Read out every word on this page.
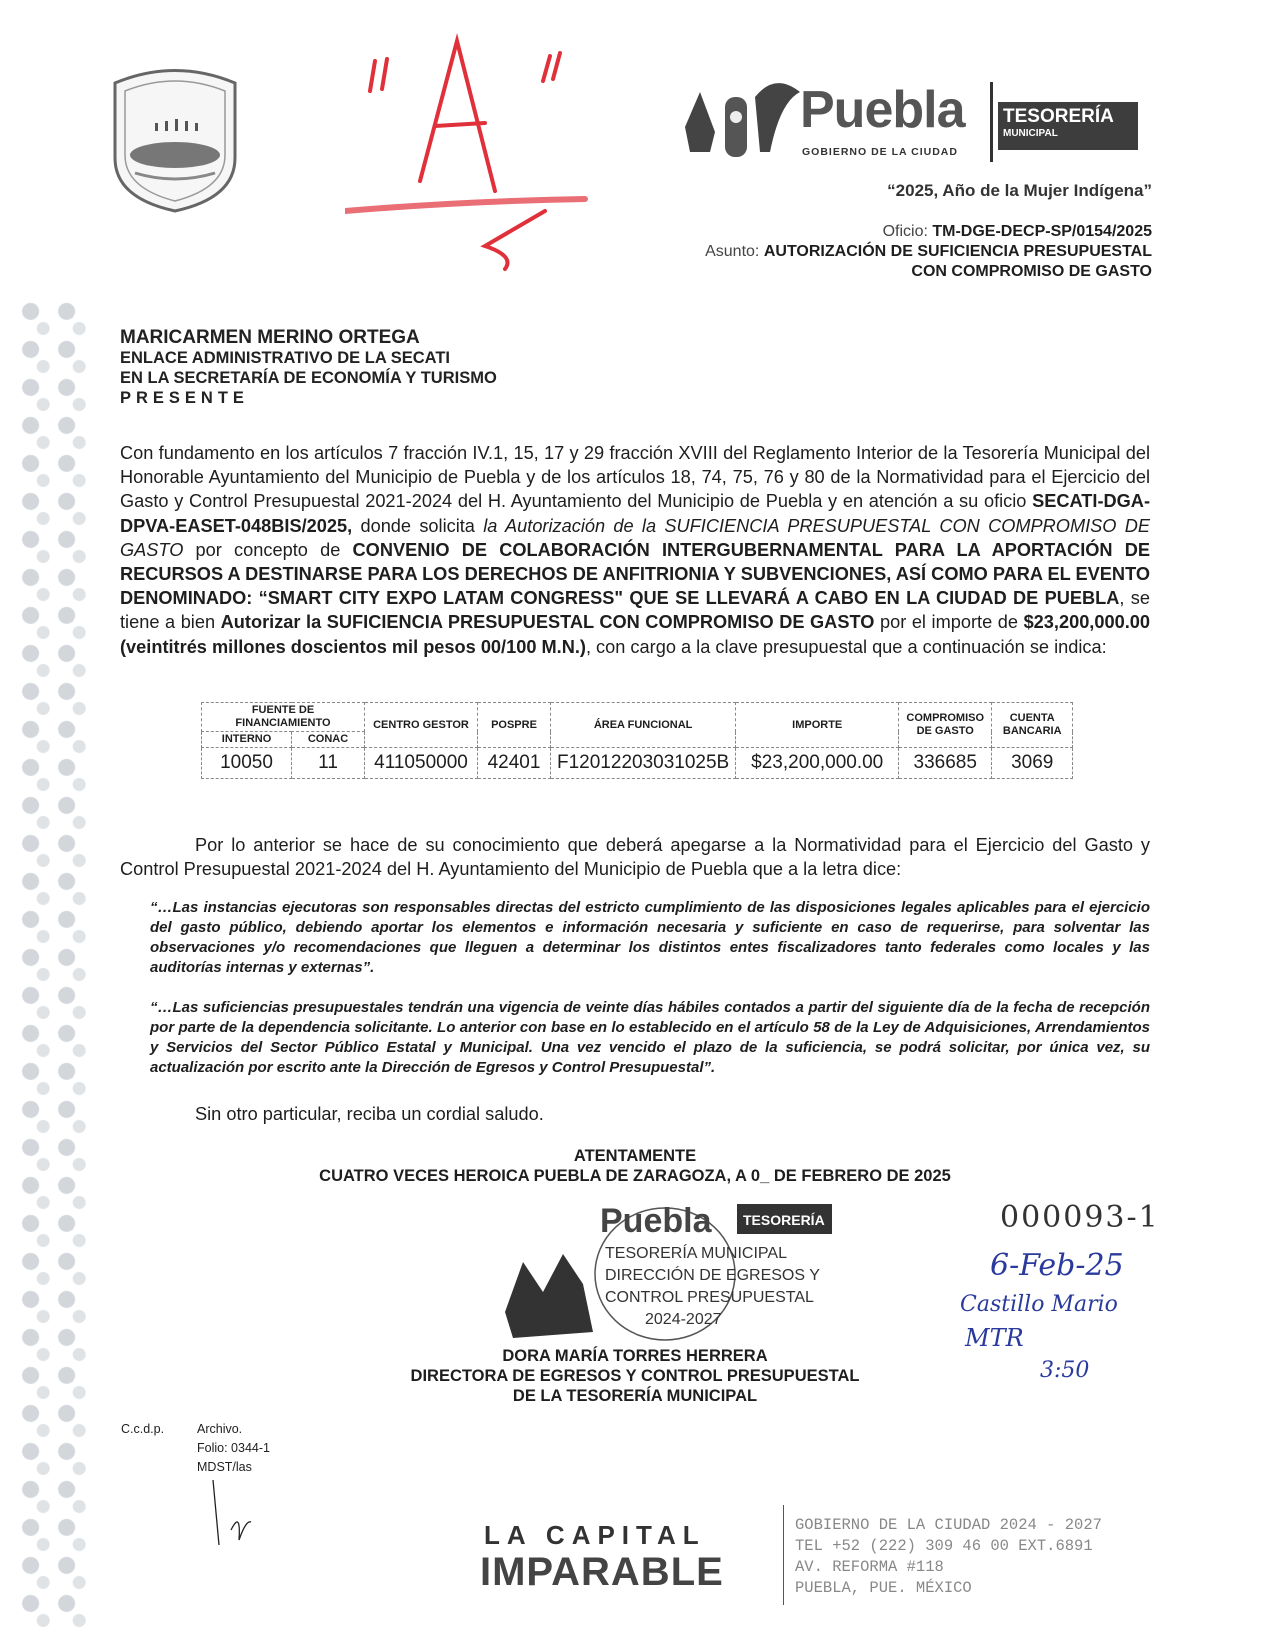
Puebla
GOBIERNO DE LA CIUDAD
TESORERÍA
MUNICIPAL
“2025, Año de la Mujer Indígena”
Oficio: TM-DGE-DECP-SP/0154/2025
Asunto: AUTORIZACIÓN DE SUFICIENCIA PRESUPUESTAL
CON COMPROMISO DE GASTO
MARICARMEN MERINO ORTEGA
ENLACE ADMINISTRATIVO DE LA SECATI
EN LA SECRETARÍA DE ECONOMÍA Y TURISMO
PRESENTE
Con fundamento en los artículos 7 fracción IV.1, 15, 17 y 29 fracción XVIII del Reglamento Interior de la Tesorería Municipal del Honorable Ayuntamiento del Municipio de Puebla y de los artículos 18, 74, 75, 76 y 80 de la Normatividad para el Ejercicio del Gasto y Control Presupuestal 2021-2024 del H. Ayuntamiento del Municipio de Puebla y en atención a su oficio SECATI-DGA-DPVA-EASET-048BIS/2025, donde solicita la Autorización de la SUFICIENCIA PRESUPUESTAL CON COMPROMISO DE GASTO por concepto de CONVENIO DE COLABORACIÓN INTERGUBERNAMENTAL PARA LA APORTACIÓN DE RECURSOS A DESTINARSE PARA LOS DERECHOS DE ANFITRIONIA Y SUBVENCIONES, ASÍ COMO PARA EL EVENTO DENOMINADO: “SMART CITY EXPO LATAM CONGRESS" QUE SE LLEVARÁ A CABO EN LA CIUDAD DE PUEBLA, se tiene a bien Autorizar la SUFICIENCIA PRESUPUESTAL CON COMPROMISO DE GASTO por el importe de $23,200,000.00 (veintitrés millones doscientos mil pesos 00/100 M.N.), con cargo a la clave presupuestal que a continuación se indica:
FUENTE DE FINANCIAMIENTO		CENTRO GESTOR	POSPRE	ÁREA FUNCIONAL	IMPORTE	COMPROMISO DE GASTO	CUENTA BANCARIA
INTERNO	CONAC						
10050	11	411050000	42401	F12012203031025B	$23,200,000.00	336685	3069
Por lo anterior se hace de su conocimiento que deberá apegarse a la Normatividad para el Ejercicio del Gasto y Control Presupuestal 2021-2024 del H. Ayuntamiento del Municipio de Puebla que a la letra dice:
“…Las instancias ejecutoras son responsables directas del estricto cumplimiento de las disposiciones legales aplicables para el ejercicio del gasto público, debiendo aportar los elementos e información necesaria y suficiente en caso de requerirse, para solventar las observaciones y/o recomendaciones que lleguen a determinar los distintos entes fiscalizadores tanto federales como locales y las auditorías internas y externas”.
“…Las suficiencias presupuestales tendrán una vigencia de veinte días hábiles contados a partir del siguiente día de la fecha de recepción por parte de la dependencia solicitante. Lo anterior con base en lo establecido en el artículo 58 de la Ley de Adquisiciones, Arrendamientos y Servicios del Sector Público Estatal y Municipal. Una vez vencido el plazo de la suficiencia, se podrá solicitar, por única vez, su actualización por escrito ante la Dirección de Egresos y Control Presupuestal”.
Sin otro particular, reciba un cordial saludo.
ATENTAMENTE
CUATRO VECES HEROICA PUEBLA DE ZARAGOZA, A 0_ DE FEBRERO DE 2025
Puebla TESORERÍA
TESORERÍA MUNICIPAL
DIRECCIÓN DE EGRESOS Y
CONTROL PRESUPUESTAL
2024-2027
DORA MARÍA TORRES HERRERA
DIRECTORA DE EGRESOS Y CONTROL PRESUPUESTAL
DE LA TESORERÍA MUNICIPAL
000093-1
6-Feb-25
Castillo Mario
MTR
3:50
C.c.d.p.	Archivo.
Folio: 0344-1
MDST/las
LA CAPITAL
IMPARABLE
GOBIERNO DE LA CIUDAD 2024 - 2027
TEL +52 (222) 309 46 00 EXT.6891
AV. REFORMA #118
PUEBLA, PUE. MÉXICO
